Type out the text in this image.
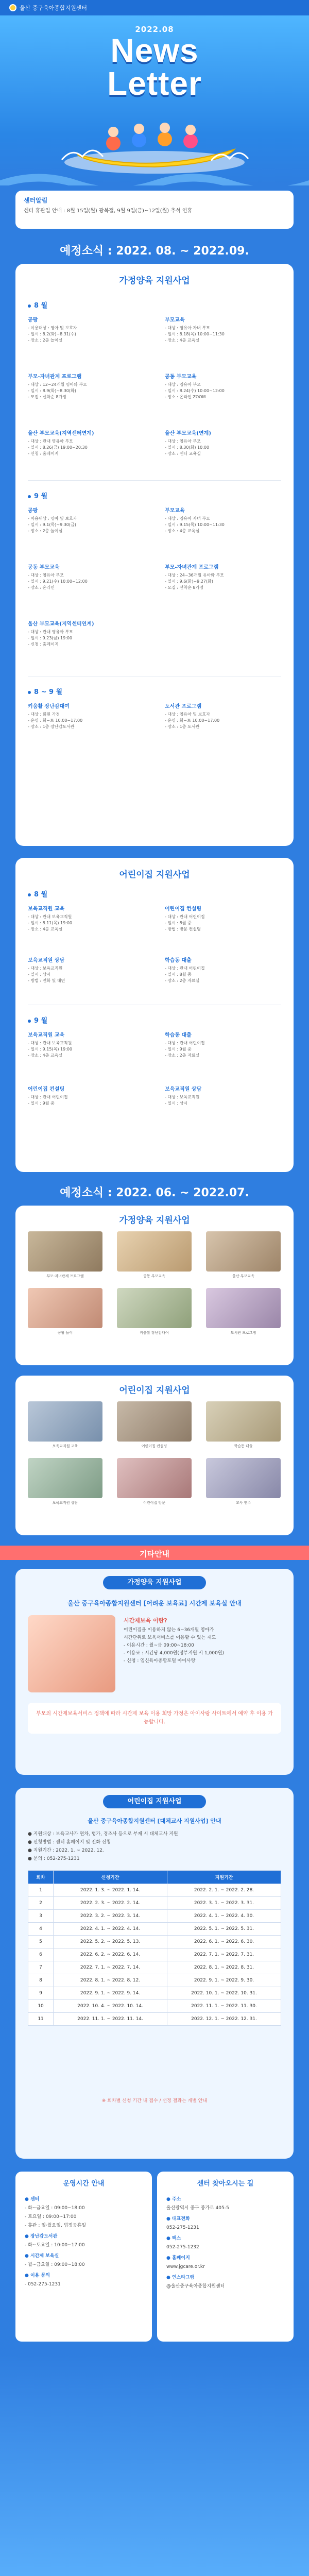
울산 중구육아종합지원센터
2022.08
News
Letter
센터알림

센터 휴관일 안내 : 8월 15일(월) 광복절, 9월 9일(금)~12일(월) 추석 연휴

예정소식 : 2022. 08. ~ 2022.09.
가정양육 지원사업
8 월
공팡
- 이용대상 : 영아 및 보호자
- 일시 : 8.2(화)~8.31(수)
- 장소 : 2층 놀이실
부모교육
- 대상 : 영유아 자녀 부모
- 일시 : 8.18(목) 10:00~11:30
- 장소 : 4층 교육실
부모-자녀관계 프로그램
- 대상 : 12~24개월 영아와 부모
- 일시 : 8.9(화)~8.30(화)
- 모집 : 선착순 8가정
공동 부모교육
- 대상 : 영유아 부모
- 일시 : 8.24(수) 10:00~12:00
- 장소 : 온라인 ZOOM
울산 부모교육(지역센터연계)
- 대상 : 관내 영유아 부모
- 일시 : 8.26(금) 19:00~20:30
- 신청 : 홈페이지
울산 부모교육(연계)
- 대상 : 영유아 부모
- 일시 : 8.30(화) 10:00
- 장소 : 센터 교육실
9 월
공팡
- 이용대상 : 영아 및 보호자
- 일시 : 9.1(목)~9.30(금)
- 장소 : 2층 놀이실
부모교육
- 대상 : 영유아 자녀 부모
- 일시 : 9.15(목) 10:00~11:30
- 장소 : 4층 교육실
공동 부모교육
- 대상 : 영유아 부모
- 일시 : 9.21(수) 10:00~12:00
- 장소 : 온라인
부모-자녀관계 프로그램
- 대상 : 24~36개월 유아와 부모
- 일시 : 9.6(화)~9.27(화)
- 모집 : 선착순 8가정
울산 부모교육(지역센터연계)
- 대상 : 관내 영유아 부모
- 일시 : 9.23(금) 19:00
- 신청 : 홈페이지
8 ~ 9 월
키움활 장난감대여
- 대상 : 회원 가정
- 운영 : 화~토 10:00~17:00
- 장소 : 1층 장난감도서관
도서관 프로그램
- 대상 : 영유아 및 보호자
- 운영 : 화~토 10:00~17:00
- 장소 : 1층 도서관
어린이집 지원사업
8 월
보육교직원 교육
- 대상 : 관내 보육교직원
- 일시 : 8.11(목) 19:00
- 장소 : 4층 교육실
어린이집 컨설팅
- 대상 : 관내 어린이집
- 일시 : 8월 중
- 방법 : 방문 컨설팅
보육교직원 상담
- 대상 : 보육교직원
- 일시 : 상시
- 방법 : 전화 및 대면
학습동 대출
- 대상 : 관내 어린이집
- 일시 : 8월 중
- 장소 : 2층 자료실
9 월
보육교직원 교육
- 대상 : 관내 보육교직원
- 일시 : 9.15(목) 19:00
- 장소 : 4층 교육실
학습동 대출
- 대상 : 관내 어린이집
- 일시 : 9월 중
- 장소 : 2층 자료실
어린이집 컨설팅
- 대상 : 관내 어린이집
- 일시 : 9월 중
보육교직원 상담
- 대상 : 보육교직원
- 일시 : 상시
예정소식 : 2022. 06. ~ 2022.07.
가정양육 지원사업
부모-자녀관계 프로그램	공동 부모교육	울산 부모교육
공팡 놀이	키움활 장난감대여	도서관 프로그램
어린이집 지원사업
보육교직원 교육	어린이집 컨설팅	학습동 대출
보육교직원 상담	어린이집 방문	교사 연수
기타안내
가정양육 지원사업
울산 중구육아종합지원센터 [어려운 보육료] 시간제 보육실 안내
시간제보육 이란?
어린이집을 이용하지 않는 6~36개월 영아가
시간단위로 보육서비스를 이용할 수 있는 제도
- 이용시간 : 월~금 09:00~18:00
- 이용료 : 시간당 4,000원(정부지원 시 1,000원)
- 신청 : 임신육아종합포털 아이사랑
부모의 시간제보육서비스 정책에 따라 시간제 보육 이용 희망 가정은 아이사랑 사이트에서 예약 후 이용 가능합니다.
어린이집 지원사업
울산 중구육아종합지원센터 [대체교사 지원사업] 안내
● 지원대상 : 보육교사가 연차, 병가, 경조사 등으로 부재 시 대체교사 지원
● 신청방법 : 센터 홈페이지 및 전화 신청
● 지원기간 : 2022. 1. ~ 2022. 12.
● 문의 : 052-275-1231
회차	신청기간	지원기간
1	2022. 1. 3. ~ 2022. 1. 14.	2022. 2. 1. ~ 2022. 2. 28.
2	2022. 2. 3. ~ 2022. 2. 14.	2022. 3. 1. ~ 2022. 3. 31.
3	2022. 3. 2. ~ 2022. 3. 14.	2022. 4. 1. ~ 2022. 4. 30.
4	2022. 4. 1. ~ 2022. 4. 14.	2022. 5. 1. ~ 2022. 5. 31.
5	2022. 5. 2. ~ 2022. 5. 13.	2022. 6. 1. ~ 2022. 6. 30.
6	2022. 6. 2. ~ 2022. 6. 14.	2022. 7. 1. ~ 2022. 7. 31.
7	2022. 7. 1. ~ 2022. 7. 14.	2022. 8. 1. ~ 2022. 8. 31.
8	2022. 8. 1. ~ 2022. 8. 12.	2022. 9. 1. ~ 2022. 9. 30.
9	2022. 9. 1. ~ 2022. 9. 14.	2022. 10. 1. ~ 2022. 10. 31.
10	2022. 10. 4. ~ 2022. 10. 14.	2022. 11. 1. ~ 2022. 11. 30.
11	2022. 11. 1. ~ 2022. 11. 14.	2022. 12. 1. ~ 2022. 12. 31.
※ 회차별 신청 기간 내 접수 / 선정 결과는 개별 안내
운영시간 안내
● 센터
- 화~금요일 : 09:00~18:00
- 토요일 : 09:00~17:00
- 휴관 : 일·월요일, 법정공휴일
● 장난감도서관
- 화~토요일 : 10:00~17:00
● 시간제 보육실
- 월~금요일 : 09:00~18:00
● 이용 문의
- 052-275-1231
센터 찾아오시는 길
● 주소
울산광역시 중구 종가로 405-5
● 대표전화
052-275-1231
● 팩스
052-275-1232
● 홈페이지
www.jgcare.or.kr
● 인스타그램
@울산중구육아종합지원센터
